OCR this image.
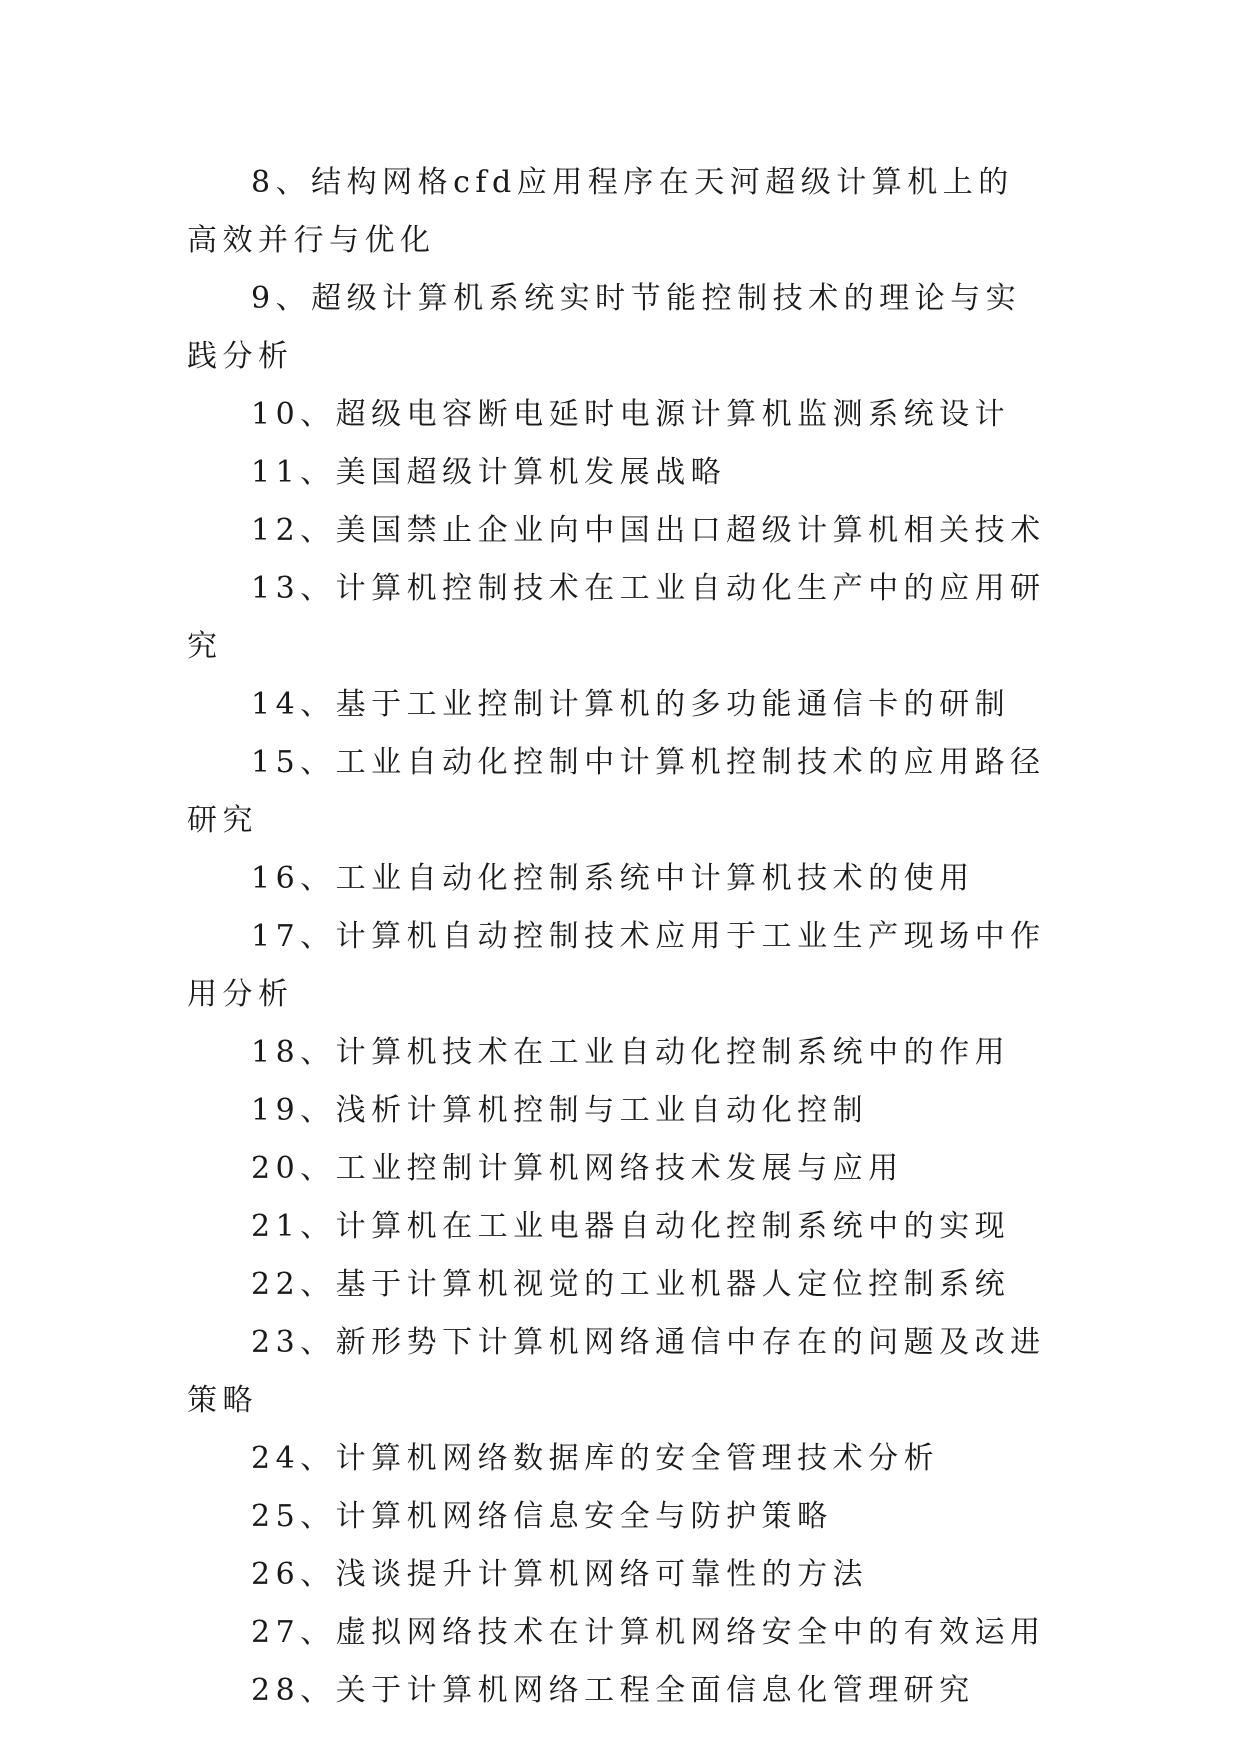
8、结构网格cfd应用程序在天河超级计算机上的高效并行与优化
9、超级计算机系统实时节能控制技术的理论与实践分析
10、超级电容断电延时电源计算机监测系统设计
11、美国超级计算机发展战略
12、美国禁止企业向中国出口超级计算机相关技术
13、计算机控制技术在工业自动化生产中的应用研究
14、基于工业控制计算机的多功能通信卡的研制
15、工业自动化控制中计算机控制技术的应用路径研究
16、工业自动化控制系统中计算机技术的使用
17、计算机自动控制技术应用于工业生产现场中作用分析
18、计算机技术在工业自动化控制系统中的作用
19、浅析计算机控制与工业自动化控制
20、工业控制计算机网络技术发展与应用
21、计算机在工业电器自动化控制系统中的实现
22、基于计算机视觉的工业机器人定位控制系统
23、新形势下计算机网络通信中存在的问题及改进策略
24、计算机网络数据库的安全管理技术分析
25、计算机网络信息安全与防护策略
26、浅谈提升计算机网络可靠性的方法
27、虚拟网络技术在计算机网络安全中的有效运用
28、关于计算机网络工程全面信息化管理研究
